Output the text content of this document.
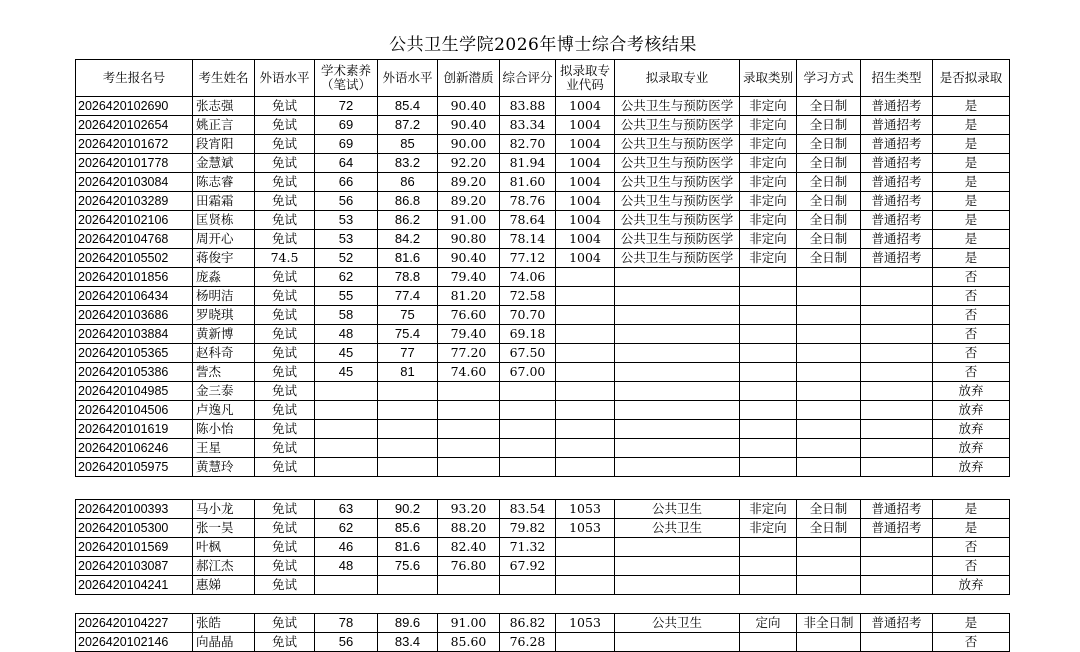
公共卫生学院2026年博士综合考核结果
考生报名号	考生姓名	外语水平	学术素养（笔试）	外语水平	创新潜质	综合评分	拟录取专业代码	拟录取专业	录取类别	学习方式	招生类型	是否拟录取
2026420102690	张志强	免试	72	85.4	90.40	83.88	1004	公共卫生与预防医学	非定向	全日制	普通招考	是
2026420102654	姚正言	免试	69	87.2	90.40	83.34	1004	公共卫生与预防医学	非定向	全日制	普通招考	是
2026420101672	段宵阳	免试	69	85	90.00	82.70	1004	公共卫生与预防医学	非定向	全日制	普通招考	是
2026420101778	金慧斌	免试	64	83.2	92.20	81.94	1004	公共卫生与预防医学	非定向	全日制	普通招考	是
2026420103084	陈志睿	免试	66	86	89.20	81.60	1004	公共卫生与预防医学	非定向	全日制	普通招考	是
2026420103289	田霜霜	免试	56	86.8	89.20	78.76	1004	公共卫生与预防医学	非定向	全日制	普通招考	是
2026420102106	匡贤栋	免试	53	86.2	91.00	78.64	1004	公共卫生与预防医学	非定向	全日制	普通招考	是
2026420104768	周开心	免试	53	84.2	90.80	78.14	1004	公共卫生与预防医学	非定向	全日制	普通招考	是
2026420105502	蒋俊宇	74.5	52	81.6	90.40	77.12	1004	公共卫生与预防医学	非定向	全日制	普通招考	是
2026420101856	庞淼	免试	62	78.8	79.40	74.06						否
2026420106434	杨明洁	免试	55	77.4	81.20	72.58						否
2026420103686	罗晓琪	免试	58	75	76.60	70.70						否
2026420103884	黄新博	免试	48	75.4	79.40	69.18						否
2026420105365	赵科奇	免试	45	77	77.20	67.50						否
2026420105386	訾杰	免试	45	81	74.60	67.00						否
2026420104985	金三泰	免试										放弃
2026420104506	卢逸凡	免试										放弃
2026420101619	陈小怡	免试										放弃
2026420106246	王星	免试										放弃
2026420105975	黄慧玲	免试										放弃
2026420100393	马小龙	免试	63	90.2	93.20	83.54	1053	公共卫生	非定向	全日制	普通招考	是
2026420105300	张一昊	免试	62	85.6	88.20	79.82	1053	公共卫生	非定向	全日制	普通招考	是
2026420101569	叶枫	免试	46	81.6	82.40	71.32						否
2026420103087	郝江杰	免试	48	75.6	76.80	67.92						否
2026420104241	惠娣	免试										放弃
2026420104227	张皓	免试	78	89.6	91.00	86.82	1053	公共卫生	定向	非全日制	普通招考	是
2026420102146	向晶晶	免试	56	83.4	85.60	76.28						否
